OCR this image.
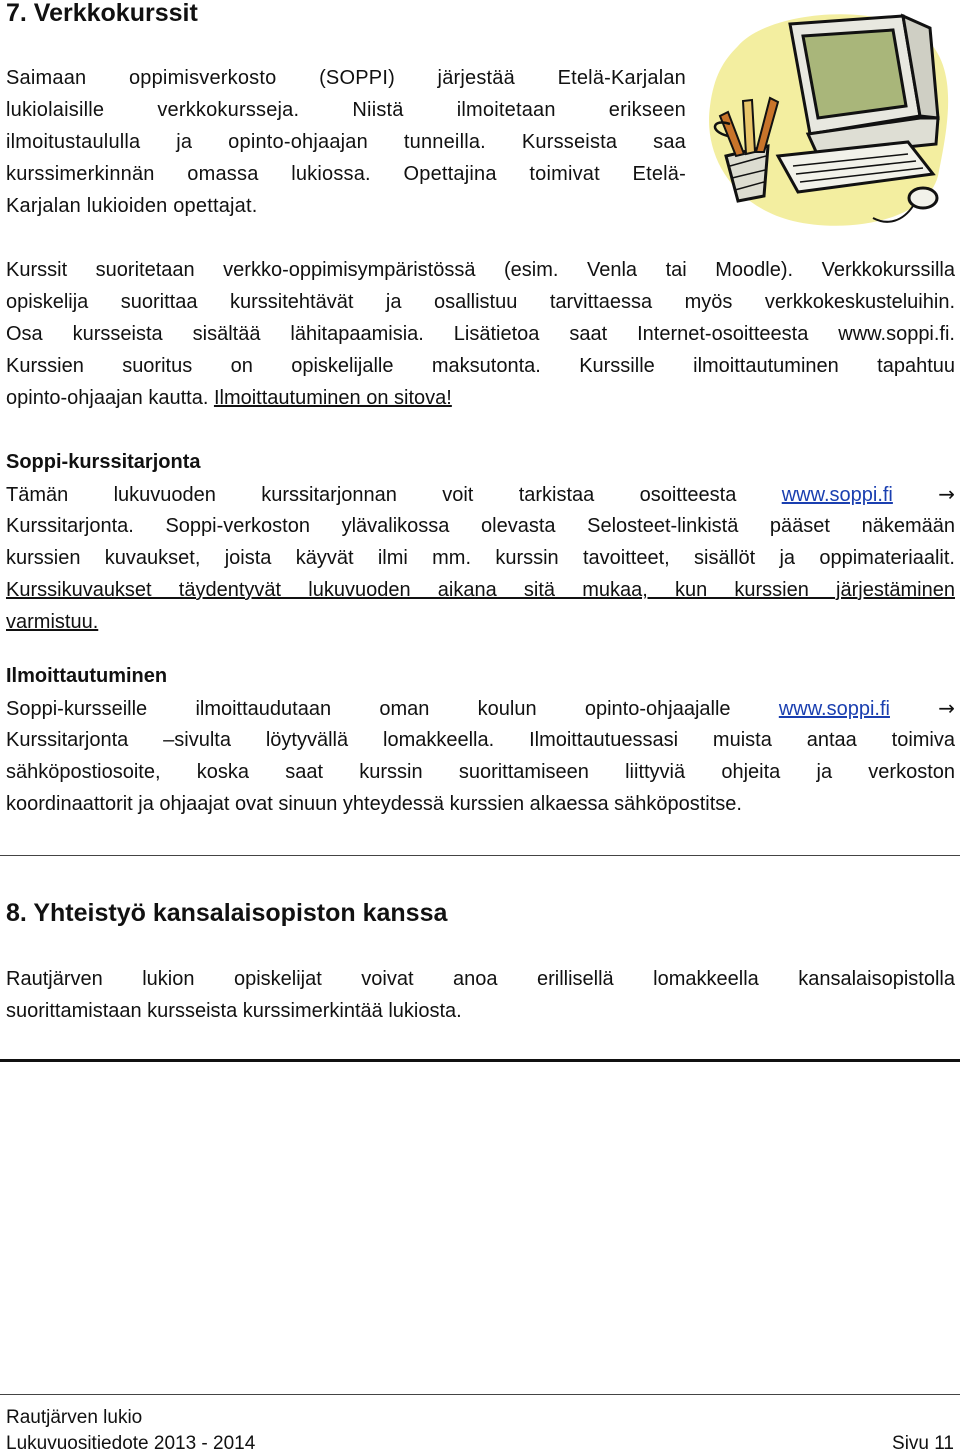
7. Verkkokurssit
Saimaan oppimisverkosto (SOPPI) järjestää Etelä-Karjalan
lukiolaisille verkkokursseja. Niistä ilmoitetaan erikseen
ilmoitustaululla ja opinto-ohjaajan tunneilla. Kursseista saa
kurssimerkinnän omassa lukiossa. Opettajina toimivat Etelä-
Karjalan lukioiden opettajat.
Kurssit suoritetaan verkko-oppimisympäristössä (esim. Venla tai Moodle). Verkkokurssilla
opiskelija suorittaa kurssitehtävät ja osallistuu tarvittaessa myös verkkokeskusteluihin.
Osa kursseista sisältää lähitapaamisia. Lisätietoa saat Internet-osoitteesta www.soppi.fi.
Kurssien suoritus on opiskelijalle maksutonta. Kurssille ilmoittautuminen tapahtuu
opinto-ohjaajan kautta. Ilmoittautuminen on sitova!
Soppi-kurssitarjonta
Tämän lukuvuoden kurssitarjonnan voit tarkistaa osoitteesta www.soppi.fi →
Kurssitarjonta. Soppi-verkoston ylävalikossa olevasta Selosteet-linkistä pääset näkemään
kurssien kuvaukset, joista käyvät ilmi mm. kurssin tavoitteet, sisällöt ja oppimateriaalit.
Kurssikuvaukset täydentyvät lukuvuoden aikana sitä mukaa, kun kurssien järjestäminen
varmistuu.
Ilmoittautuminen
Soppi-kursseille ilmoittaudutaan oman koulun opinto-ohjaajalle www.soppi.fi →
Kurssitarjonta –sivulta löytyvällä lomakkeella. Ilmoittautuessasi muista antaa toimiva
sähköpostiosoite, koska saat kurssin suorittamiseen liittyviä ohjeita ja verkoston
koordinaattorit ja ohjaajat ovat sinuun yhteydessä kurssien alkaessa sähköpostitse.
8. Yhteistyö kansalaisopiston kanssa
Rautjärven lukion opiskelijat voivat anoa erillisellä lomakkeella kansalaisopistolla
suorittamistaan kursseista kurssimerkintää lukiosta.
Rautjärven lukio
Lukuvuositiedote 2013 - 2014	Sivu 11
